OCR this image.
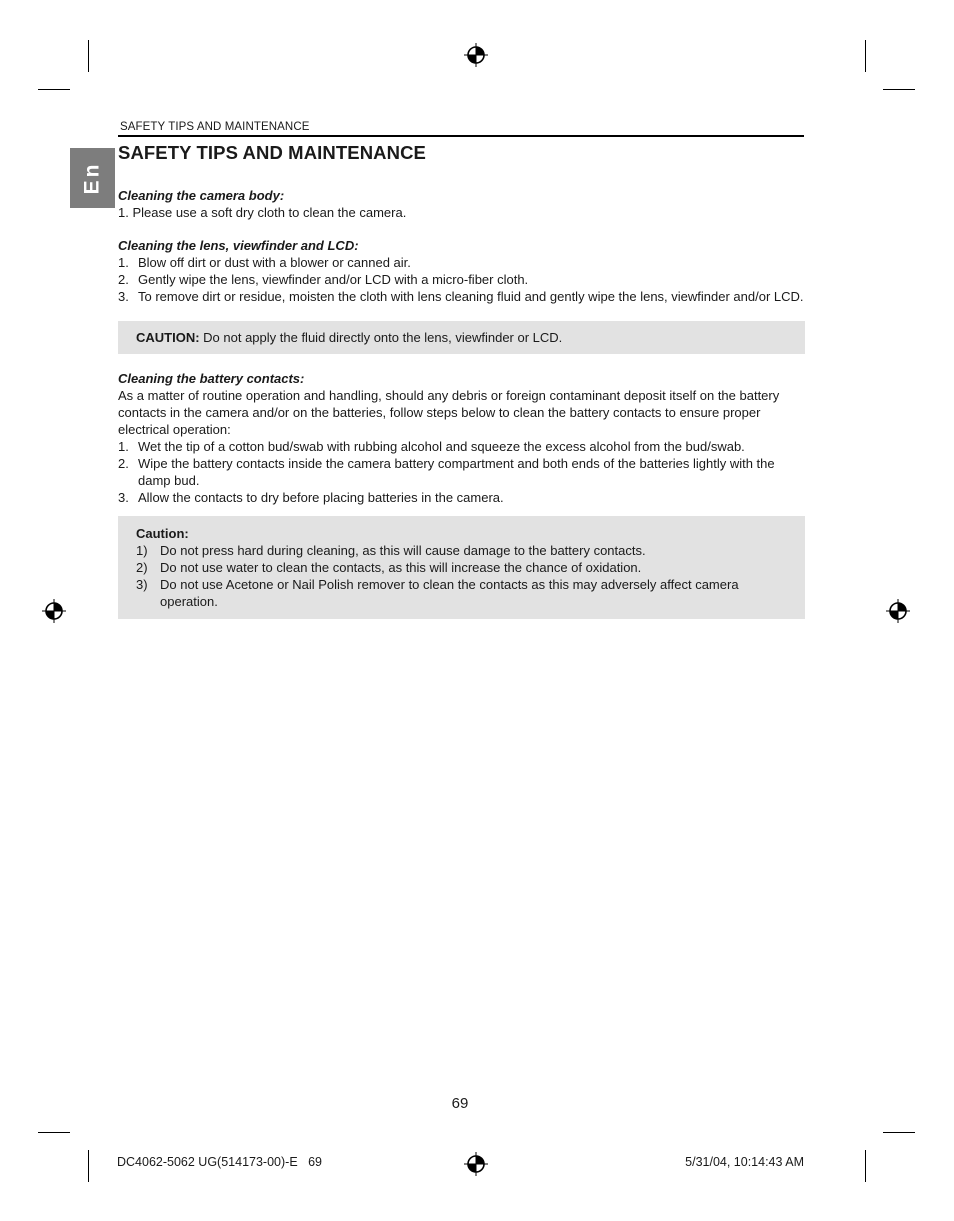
SAFETY TIPS AND MAINTENANCE
En
SAFETY TIPS AND MAINTENANCE
Cleaning the camera body:

1. Please use a soft dry cloth to clean the camera.

Cleaning the lens, viewfinder and LCD:
1. Blow off dirt or dust with a blower or canned air.
2. Gently wipe the lens, viewfinder and/or LCD with a micro-fiber cloth.
3. To remove dirt or residue, moisten the cloth with lens cleaning fluid and gently wipe the lens, viewfinder and/or LCD.

CAUTION: Do not apply the fluid directly onto the lens, viewfinder or LCD.

Cleaning the battery contacts:

As a matter of routine operation and handling, should any debris or foreign contaminant deposit itself on the battery contacts in the camera and/or on the batteries, follow steps below to clean the battery contacts to ensure proper electrical operation:

1. Wet the tip of a cotton bud/swab with rubbing alcohol and squeeze the excess alcohol from the bud/swab.
2. Wipe the battery contacts inside the camera battery compartment and both ends of the batteries lightly with the damp bud.
3. Allow the contacts to dry before placing batteries in the camera.

Caution:

1) Do not press hard during cleaning, as this will cause damage to the battery contacts.
2) Do not use water to clean the contacts, as this will increase the chance of oxidation.
3) Do not use Acetone or Nail Polish remover to clean the contacts as this may adversely affect camera operation.
69
DC4062-5062 UG(514173-00)-E   69	5/31/04, 10:14:43 AM
